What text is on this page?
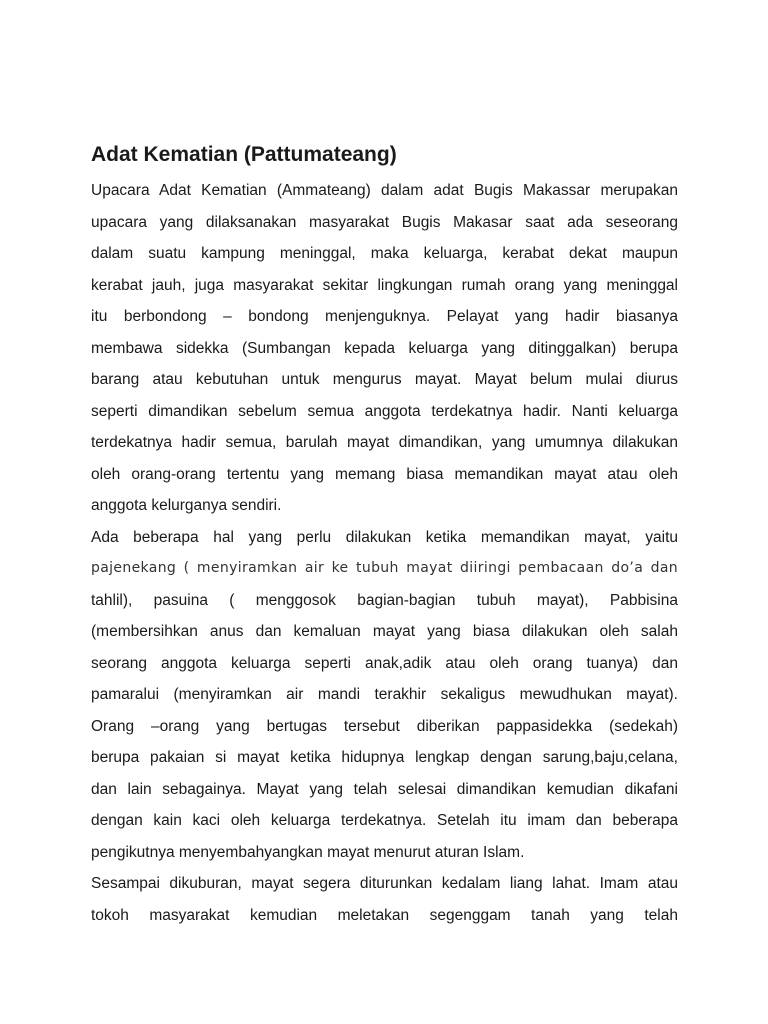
Adat Kematian (Pattumateang)
Upacara Adat Kematian (Ammateang) dalam adat Bugis Makassar merupakan
upacara yang dilaksanakan masyarakat Bugis Makasar saat ada seseorang
dalam suatu kampung meninggal, maka keluarga, kerabat dekat maupun
kerabat jauh, juga masyarakat sekitar lingkungan rumah orang yang meninggal
itu berbondong – bondong menjenguknya. Pelayat yang hadir biasanya
membawa sidekka (Sumbangan kepada keluarga yang ditinggalkan) berupa
barang atau kebutuhan untuk mengurus mayat. Mayat belum mulai diurus
seperti dimandikan sebelum semua anggota terdekatnya hadir. Nanti keluarga
terdekatnya hadir semua, barulah mayat dimandikan, yang umumnya dilakukan
oleh orang-orang tertentu yang memang biasa memandikan mayat atau oleh
anggota kelurganya sendiri.
Ada beberapa hal yang perlu dilakukan ketika memandikan mayat, yaitu
pajenekang ( menyiramkan air ke tubuh mayat diiringi pembacaan do’a dan
tahlil), pasuina ( menggosok bagian-bagian tubuh mayat), Pabbisina
(membersihkan anus dan kemaluan mayat yang biasa dilakukan oleh salah
seorang anggota keluarga seperti anak,adik atau oleh orang tuanya) dan
pamaralui (menyiramkan air mandi terakhir sekaligus mewudhukan mayat).
Orang –orang yang bertugas tersebut diberikan pappasidekka (sedekah)
berupa pakaian si mayat ketika hidupnya lengkap dengan sarung,baju,celana,
dan lain sebagainya. Mayat yang telah selesai dimandikan kemudian dikafani
dengan kain kaci oleh keluarga terdekatnya. Setelah itu imam dan beberapa
pengikutnya menyembahyangkan mayat menurut aturan Islam.
Sesampai dikuburan, mayat segera diturunkan kedalam liang lahat. Imam atau
tokoh masyarakat kemudian meletakan segenggam tanah yang telah
